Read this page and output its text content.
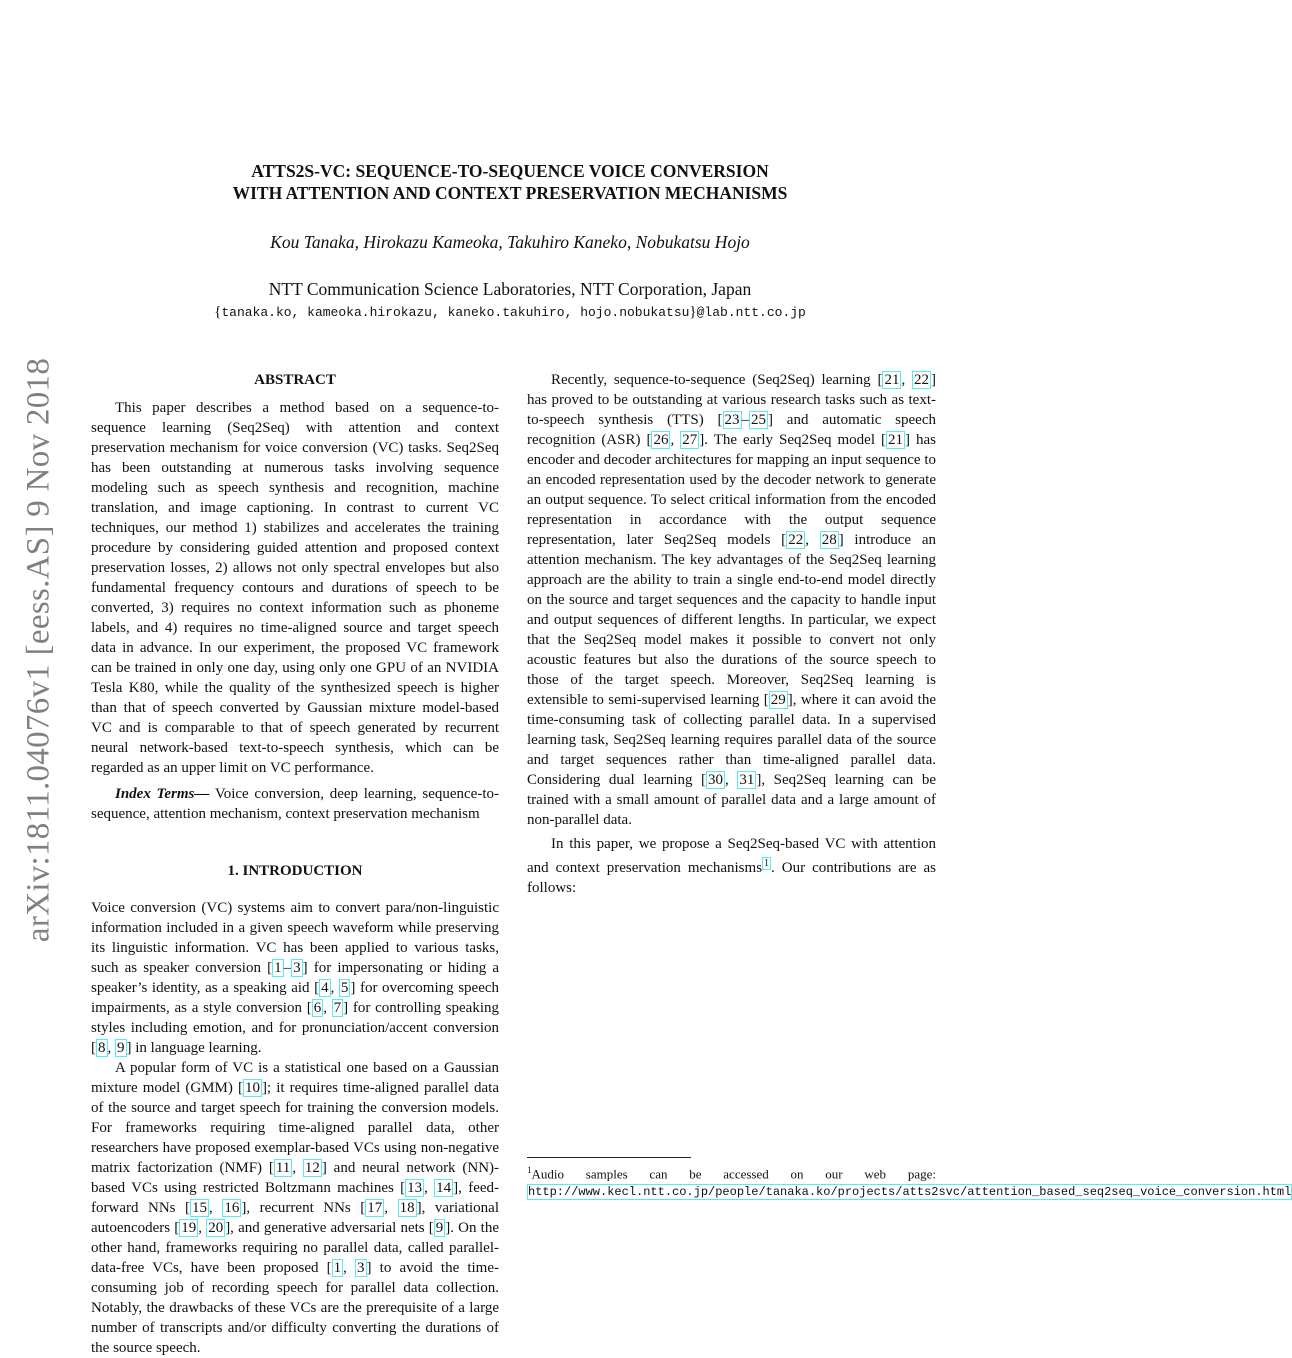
arXiv:1811.04076v1 [eess.AS] 9 Nov 2018
ATTS2S-VC: SEQUENCE-TO-SEQUENCE VOICE CONVERSION
WITH ATTENTION AND CONTEXT PRESERVATION MECHANISMS
Kou Tanaka, Hirokazu Kameoka, Takuhiro Kaneko, Nobukatsu Hojo
NTT Communication Science Laboratories, NTT Corporation, Japan
{tanaka.ko, kameoka.hirokazu, kaneko.takuhiro, hojo.nobukatsu}@lab.ntt.co.jp
ABSTRACT

This paper describes a method based on a sequence-to-sequence learning (Seq2Seq) with attention and context preservation mechanism for voice conversion (VC) tasks. Seq2Seq has been outstanding at numerous tasks involving sequence modeling such as speech synthesis and recognition, machine translation, and image captioning. In contrast to current VC techniques, our method 1) stabilizes and accelerates the training procedure by considering guided attention and proposed context preservation losses, 2) allows not only spectral envelopes but also fundamental frequency contours and durations of speech to be converted, 3) requires no context information such as phoneme labels, and 4) requires no time-aligned source and target speech data in advance. In our experiment, the proposed VC framework can be trained in only one day, using only one GPU of an NVIDIA Tesla K80, while the quality of the synthesized speech is higher than that of speech converted by Gaussian mixture model-based VC and is comparable to that of speech generated by recurrent neural network-based text-to-speech synthesis, which can be regarded as an upper limit on VC performance.

Index Terms— Voice conversion, deep learning, sequence-to-sequence, attention mechanism, context preservation mechanism

1. INTRODUCTION

Voice conversion (VC) systems aim to convert para/non-linguistic information included in a given speech waveform while preserving its linguistic information. VC has been applied to various tasks, such as speaker conversion [ 1 – 3 ] for impersonating or hiding a speaker’s identity, as a speaking aid [ 4 , 5 ] for overcoming speech impairments, as a style conversion [ 6 , 7 ] for controlling speaking styles including emotion, and for pronunciation/accent conversion [ 8 , 9 ] in language learning.

A popular form of VC is a statistical one based on a Gaussian mixture model (GMM) [ 10 ]; it requires time-aligned parallel data of the source and target speech for training the conversion models. For frameworks requiring time-aligned parallel data, other researchers have proposed exemplar-based VCs using non-negative matrix factorization (NMF) [ 11 , 12 ] and neural network (NN)-based VCs using restricted Boltzmann machines [ 13 , 14 ], feed-forward NNs [ 15 , 16 ], recurrent NNs [ 17 , 18 ], variational autoencoders [ 19 , 20 ], and generative adversarial nets [ 9 ]. On the other hand, frameworks requiring no parallel data, called parallel-data-free VCs, have been proposed [ 1 , 3 ] to avoid the time-consuming job of recording speech for parallel data collection. Notably, the drawbacks of these VCs are the prerequisite of a large number of transcripts and/or difficulty converting the durations of the source speech.

Recently, sequence-to-sequence (Seq2Seq) learning [ 21 , 22 ] has proved to be outstanding at various research tasks such as text-to-speech synthesis (TTS) [ 23 – 25 ] and automatic speech recognition (ASR) [ 26 , 27 ]. The early Seq2Seq model [ 21 ] has encoder and decoder architectures for mapping an input sequence to an encoded representation used by the decoder network to generate an output sequence. To select critical information from the encoded representation in accordance with the output sequence representation, later Seq2Seq models [ 22 , 28 ] introduce an attention mechanism. The key advantages of the Seq2Seq learning approach are the ability to train a single end-to-end model directly on the source and target sequences and the capacity to handle input and output sequences of different lengths. In particular, we expect that the Seq2Seq model makes it possible to convert not only acoustic features but also the durations of the source speech to those of the target speech. Moreover, Seq2Seq learning is extensible to semi-supervised learning [ 29 ], where it can avoid the time-consuming task of collecting parallel data. In a supervised learning task, Seq2Seq learning requires parallel data of the source and target sequences rather than time-aligned parallel data. Considering dual learning [ 30 , 31 ], Seq2Seq learning can be trained with a small amount of parallel data and a large amount of non-parallel data.

In this paper, we propose a Seq2Seq-based VC with attention and context preservation mechanisms $^1$ . Our contributions are as follows:

$^1$Audio samples can be accessed on our web page: http://www.kecl.ntt.co.jp/people/tanaka.ko/projects/atts2svc/attention_based_seq2seq_voice_conversion.html
